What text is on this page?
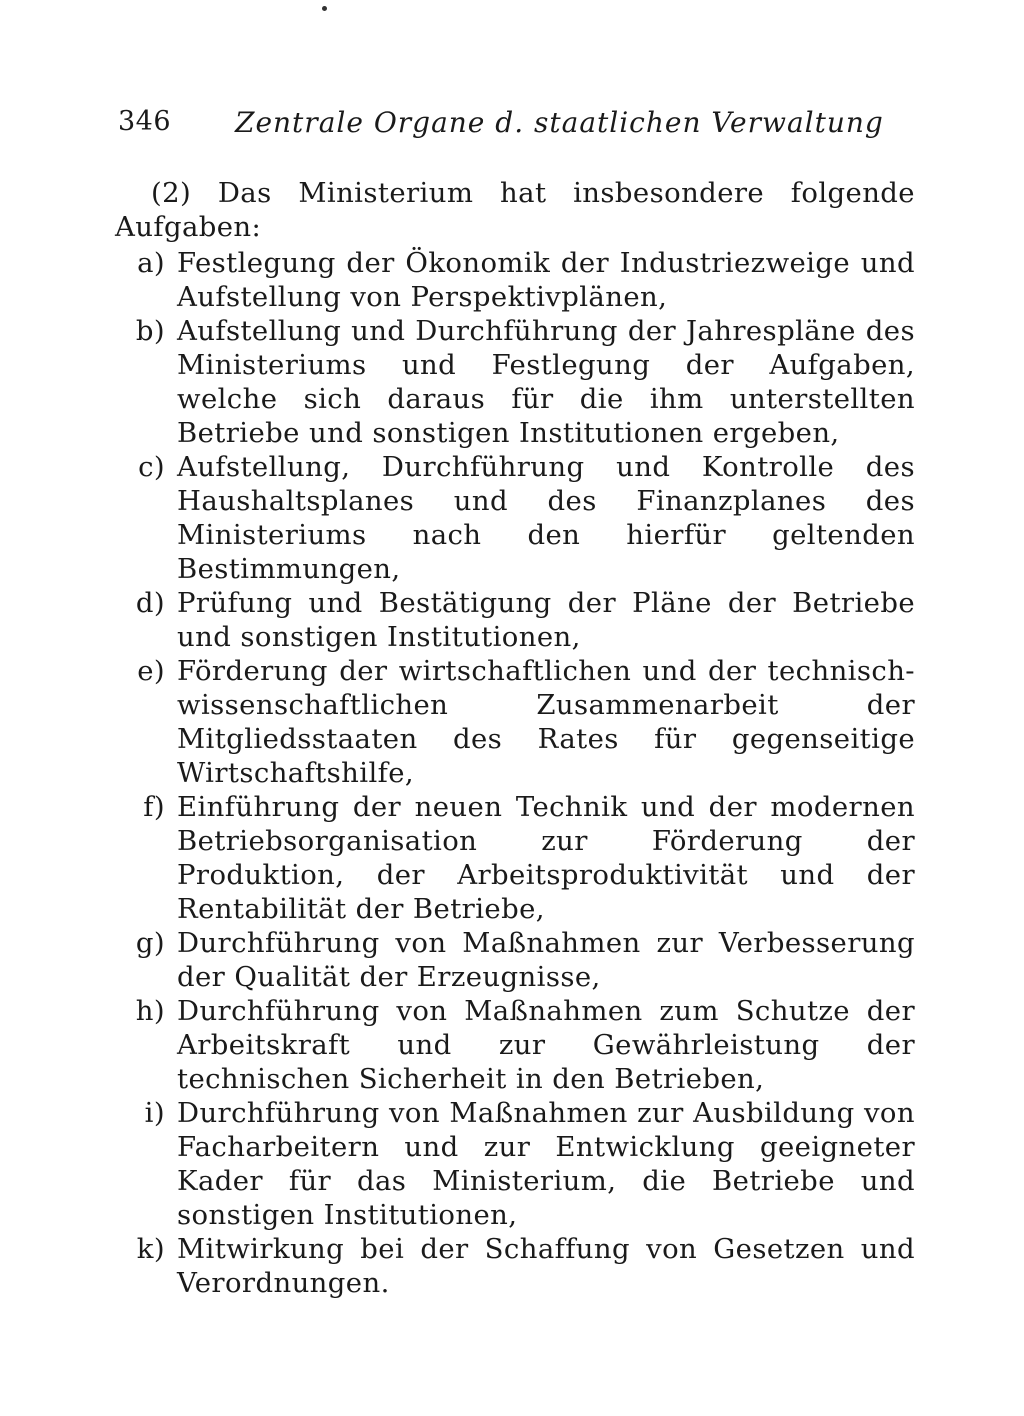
346 Zentrale Organe d. staatlichen Verwaltung

(2) Das Ministerium hat insbesondere folgende Aufgaben:

a) Festlegung der Ökonomik der Industriezweige und Aufstellung von Perspektivplänen,
b) Aufstellung und Durchführung der Jahrespläne des Ministeriums und Festlegung der Aufgaben, welche sich daraus für die ihm unterstellten Betriebe und sonstigen Institutionen ergeben,
c) Aufstellung, Durchführung und Kontrolle des Haushaltsplanes und des Finanzplanes des Ministeriums nach den hierfür geltenden Bestimmungen,
d) Prüfung und Bestätigung der Pläne der Betriebe und sonstigen Institutionen,
e) Förderung der wirtschaftlichen und der technisch-wissenschaftlichen Zusammenarbeit der Mitgliedsstaaten des Rates für gegenseitige Wirtschaftshilfe,
f) Einführung der neuen Technik und der modernen Betriebsorganisation zur Förderung der Produktion, der Arbeitsproduktivität und der Rentabilität der Betriebe,
g) Durchführung von Maßnahmen zur Verbesserung der Qualität der Erzeugnisse,
h) Durchführung von Maßnahmen zum Schutze der Arbeitskraft und zur Gewährleistung der technischen Sicherheit in den Betrieben,
i) Durchführung von Maßnahmen zur Ausbildung von Facharbeitern und zur Entwicklung geeigneter Kader für das Ministerium, die Betriebe und sonstigen Institutionen,
k) Mitwirkung bei der Schaffung von Gesetzen und Verordnungen.
